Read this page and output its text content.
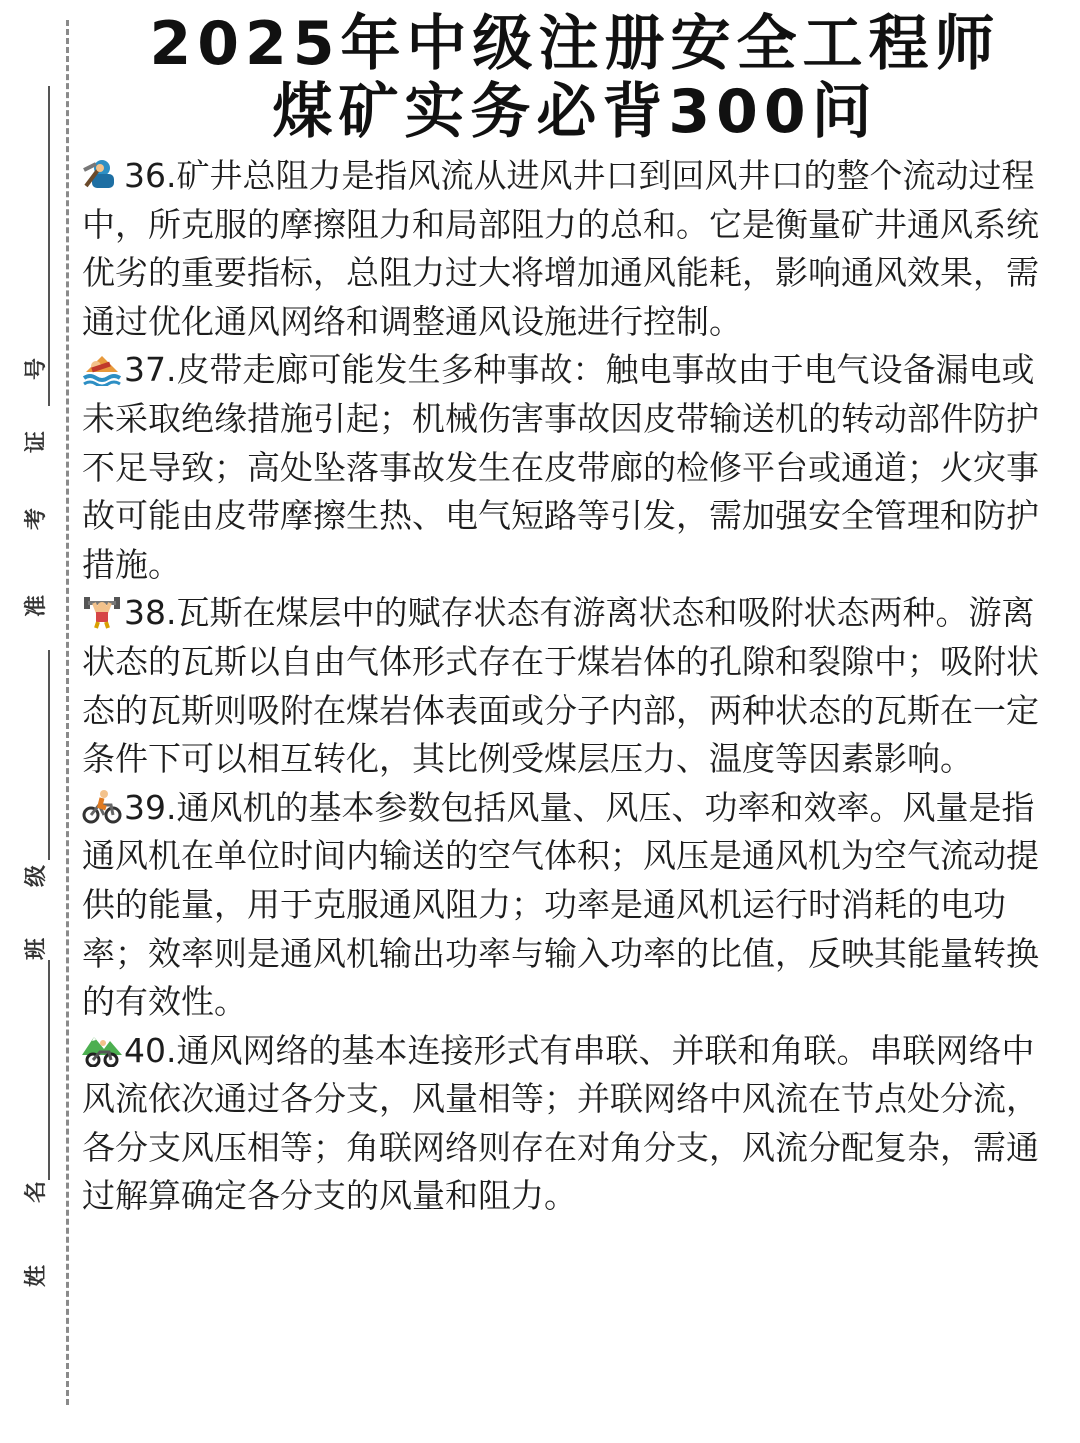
号
证
考
准
级
班
名
姓
2025年中级注册安全工程师
煤矿实务必背300问

36.矿井总阻力是指风流从进风井口到回风井口的整个流动过程中，所克服的摩擦阻力和局部阻力的总和。它是衡量矿井通风系统优劣的重要指标，总阻力过大将增加通风能耗，影响通风效果，需通过优化通风网络和调整通风设施进行控制。

37.皮带走廊可能发生多种事故：触电事故由于电气设备漏电或未采取绝缘措施引起；机械伤害事故因皮带输送机的转动部件防护不足导致；高处坠落事故发生在皮带廊的检修平台或通道；火灾事故可能由皮带摩擦生热、电气短路等引发，需加强安全管理和防护措施。

38.瓦斯在煤层中的赋存状态有游离状态和吸附状态两种。游离状态的瓦斯以自由气体形式存在于煤岩体的孔隙和裂隙中；吸附状态的瓦斯则吸附在煤岩体表面或分子内部，两种状态的瓦斯在一定条件下可以相互转化，其比例受煤层压力、温度等因素影响。

39.通风机的基本参数包括风量、风压、功率和效率。风量是指通风机在单位时间内输送的空气体积；风压是通风机为空气流动提供的能量，用于克服通风阻力；功率是通风机运行时消耗的电功率；效率则是通风机输出功率与输入功率的比值，反映其能量转换的有效性。

40.通风网络的基本连接形式有串联、并联和角联。串联网络中风流依次通过各分支，风量相等；并联网络中风流在节点处分流，各分支风压相等；角联网络则存在对角分支，风流分配复杂，需通过解算确定各分支的风量和阻力。
